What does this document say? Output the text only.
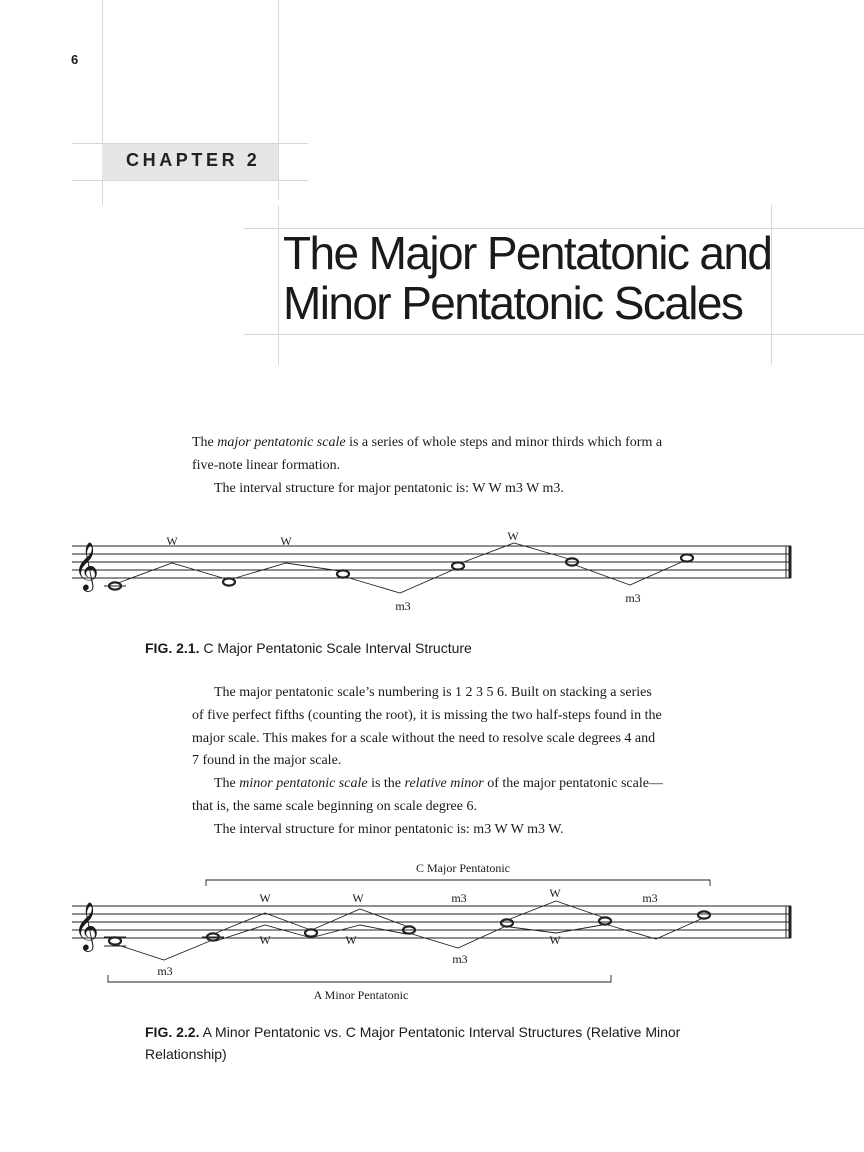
6
CHAPTER 2
The Major Pentatonic and
Minor Pentatonic Scales

The major pentatonic scale is a series of whole steps and minor thirds which form a

five-note linear formation.

The interval structure for major pentatonic is: W W m3 W m3.

𝄞	W	W
m3
W
m3
FIG. 2.1. C Major Pentatonic Scale Interval Structure

The major pentatonic scale’s numbering is 1 2 3 5 6. Built on stacking a series

of five perfect fifths (counting the root), it is missing the two half-steps found in the

major scale. This makes for a scale without the need to resolve scale degrees 4 and

7 found in the major scale.

The minor pentatonic scale is the relative minor of the major pentatonic scale—

that is, the same scale beginning on scale degree 6.

The interval structure for minor pentatonic is: m3 W W m3 W.

C Major Pentatonic
𝄞
W	W	m3	W	m3
m3
W	W
m3
W
A Minor Pentatonic
FIG. 2.2. A Minor Pentatonic vs. C Major Pentatonic Interval Structures (Relative Minor
Relationship)
